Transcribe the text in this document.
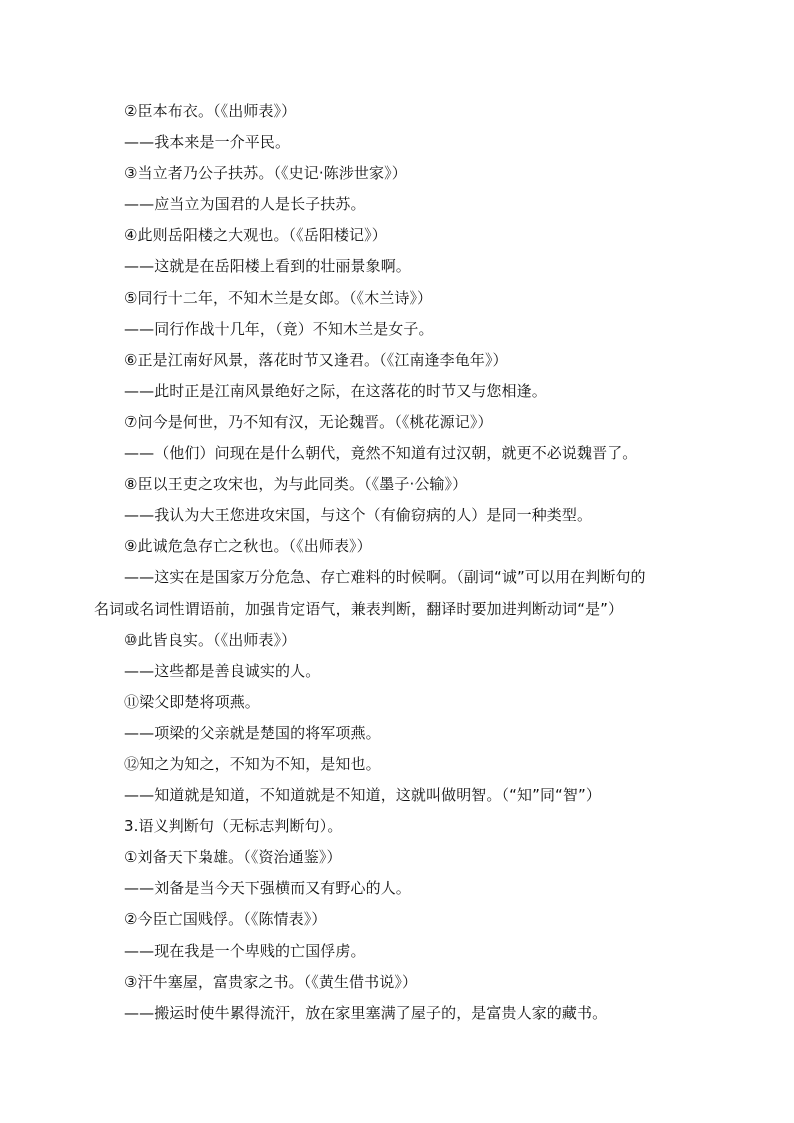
②臣本布衣。（《出师表》）
——我本来是一介平民。
③当立者乃公子扶苏。（《史记·陈涉世家》）
——应当立为国君的人是长子扶苏。
④此则岳阳楼之大观也。（《岳阳楼记》）
——这就是在岳阳楼上看到的壮丽景象啊。
⑤同行十二年，不知木兰是女郎。（《木兰诗》）
——同行作战十几年，（竟）不知木兰是女子。
⑥正是江南好风景，落花时节又逢君。（《江南逢李龟年》）
——此时正是江南风景绝好之际，在这落花的时节又与您相逢。
⑦问今是何世，乃不知有汉，无论魏晋。（《桃花源记》）
——（他们）问现在是什么朝代，竟然不知道有过汉朝，就更不必说魏晋了。
⑧臣以王吏之攻宋也，为与此同类。（《墨子·公输》）
——我认为大王您进攻宋国，与这个（有偷窃病的人）是同一种类型。
⑨此诚危急存亡之秋也。（《出师表》）
——这实在是国家万分危急、存亡难料的时候啊。（副词“诚”可以用在判断句的
名词或名词性谓语前，加强肯定语气，兼表判断，翻译时要加进判断动词“是”）
⑩此皆良实。（《出师表》）
——这些都是善良诚实的人。
⑪梁父即楚将项燕。
——项梁的父亲就是楚国的将军项燕。
⑫知之为知之，不知为不知，是知也。
——知道就是知道，不知道就是不知道，这就叫做明智。（“知”同“智”）
3.语义判断句（无标志判断句）。
①刘备天下枭雄。（《资治通鉴》）
——刘备是当今天下强横而又有野心的人。
②今臣亡国贱俘。（《陈情表》）
——现在我是一个卑贱的亡国俘虏。
③汗牛塞屋，富贵家之书。（《黄生借书说》）
——搬运时使牛累得流汗，放在家里塞满了屋子的，是富贵人家的藏书。
